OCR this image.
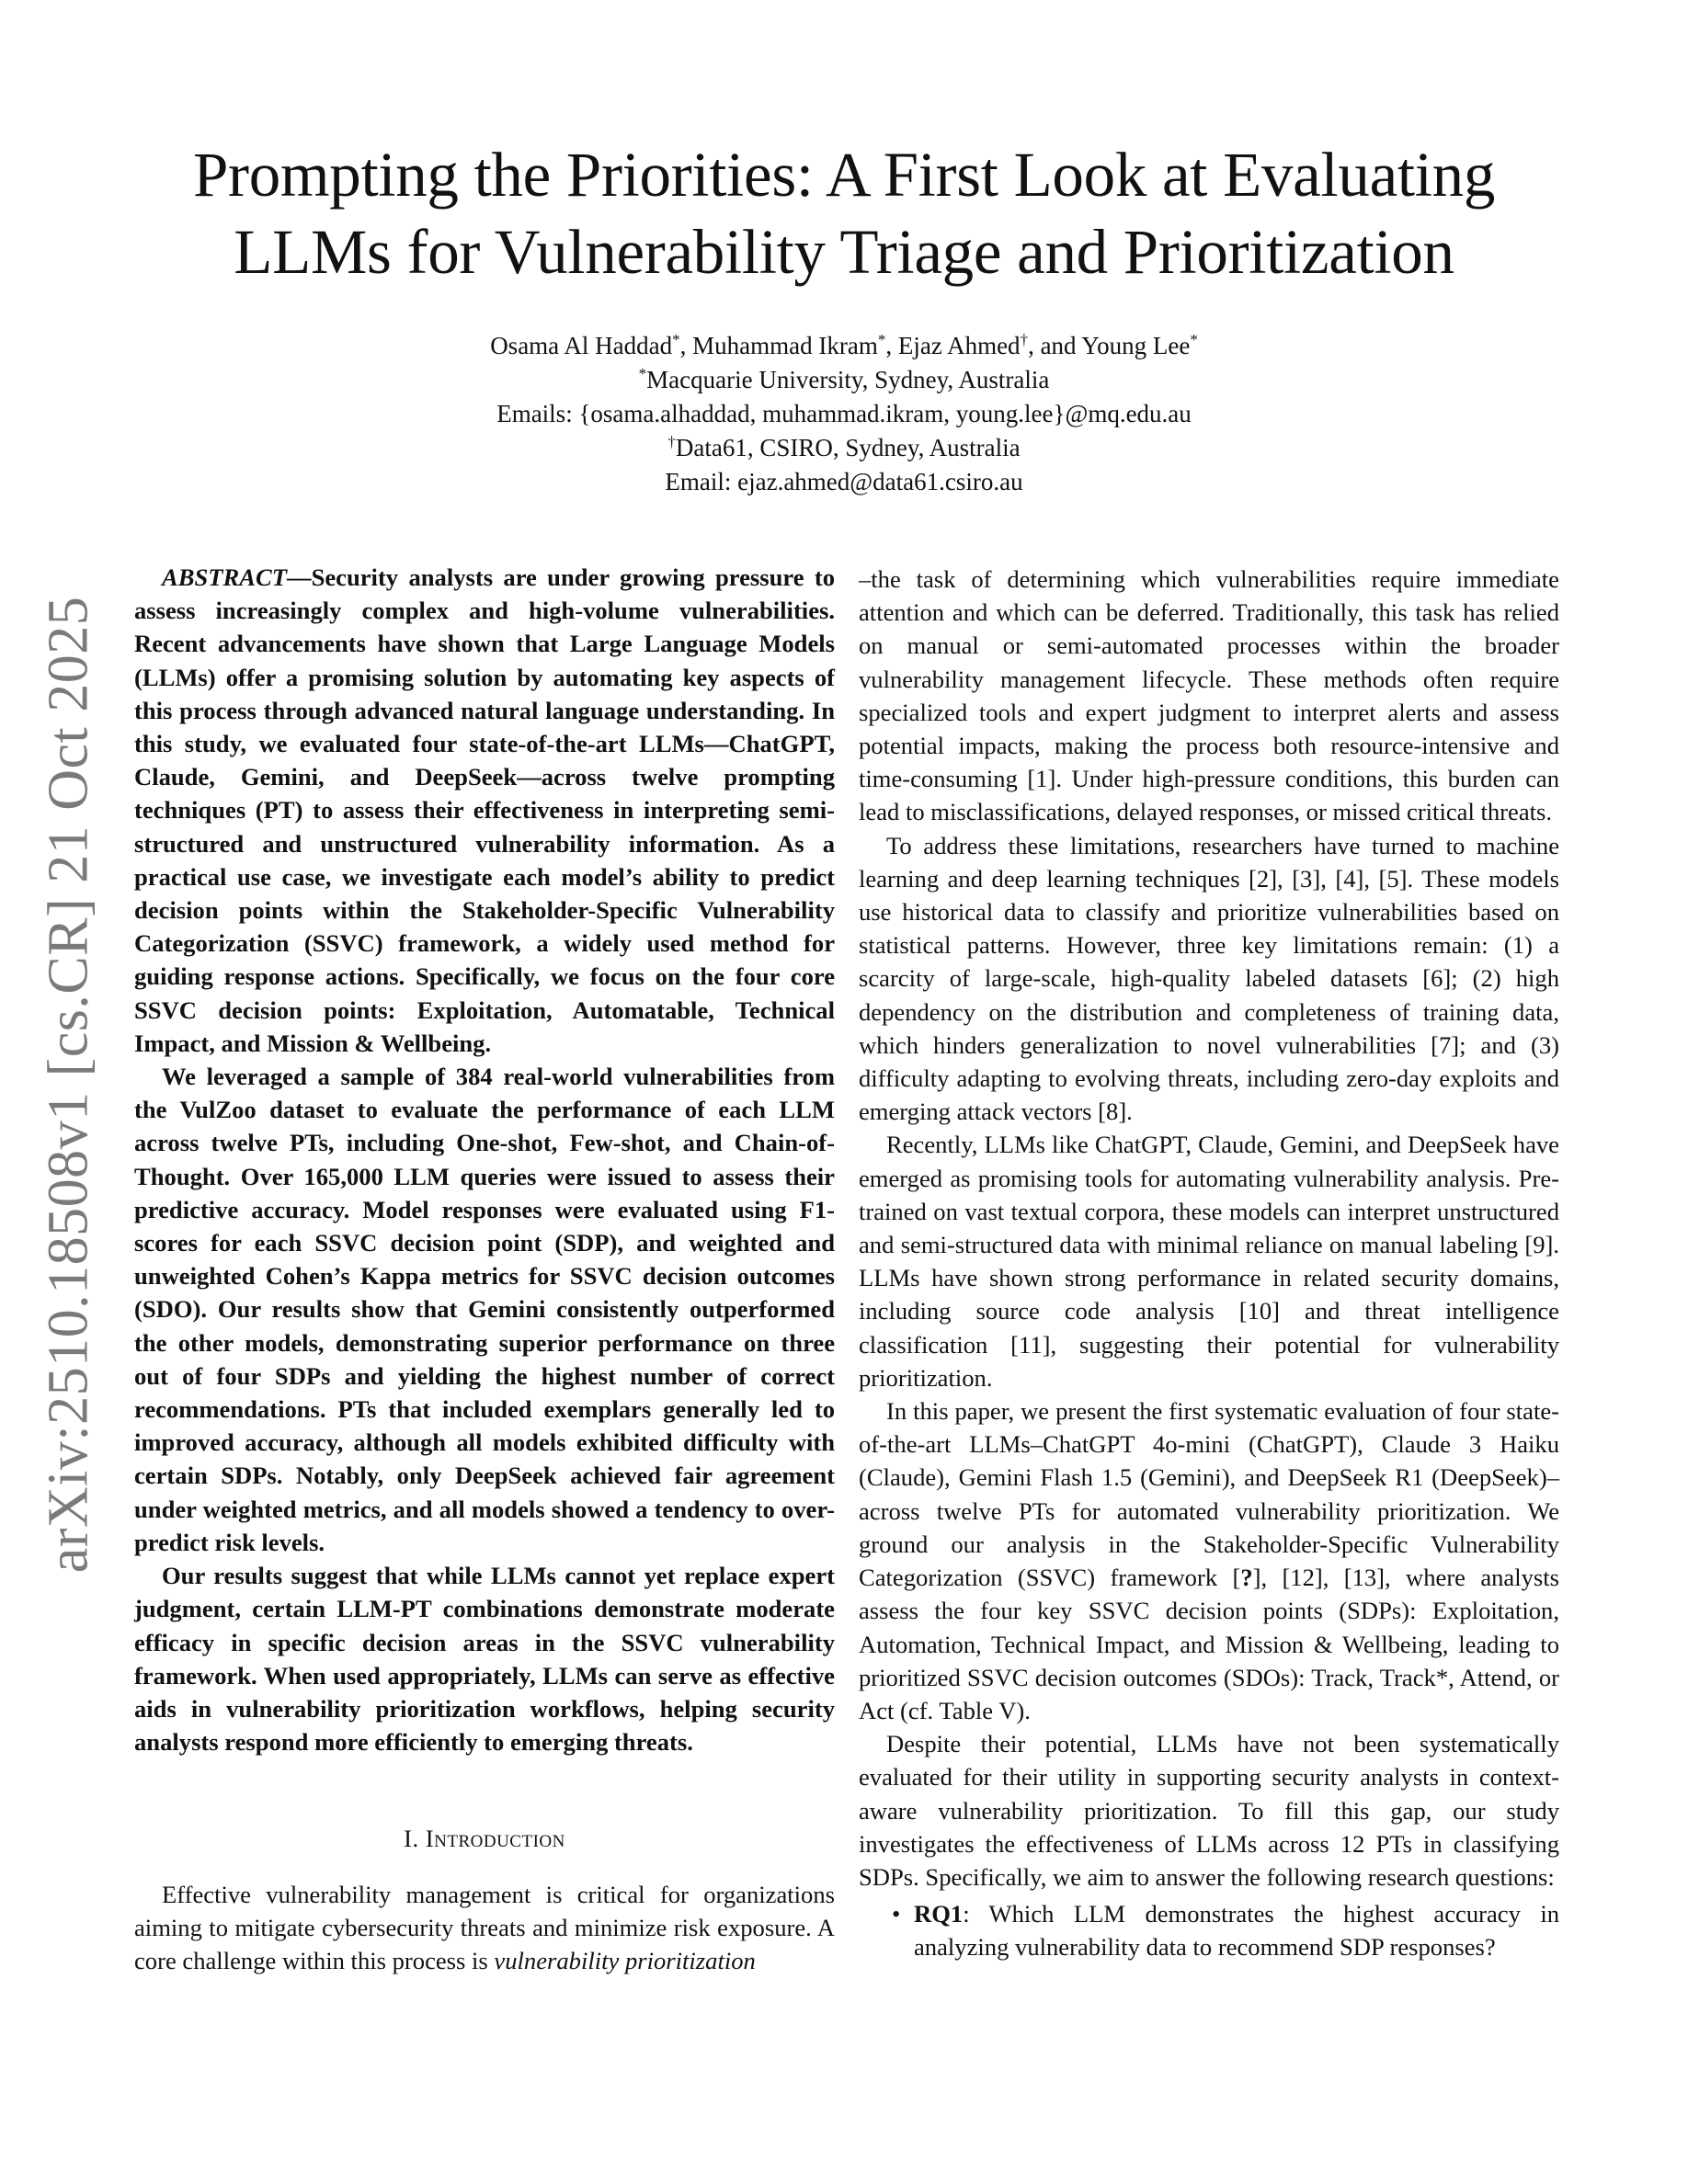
arXiv:2510.18508v1 [cs.CR] 21 Oct 2025
Prompting the Priorities: A First Look at Evaluating
LLMs for Vulnerability Triage and Prioritization
Osama Al Haddad*, Muhammad Ikram*, Ejaz Ahmed†, and Young Lee*
*Macquarie University, Sydney, Australia
Emails: {osama.alhaddad, muhammad.ikram, young.lee}@mq.edu.au
†Data61, CSIRO, Sydney, Australia
Email: ejaz.ahmed@data61.csiro.au

ABSTRACT—Security analysts are under growing pressure to assess increasingly complex and high-volume vulnerabilities. Recent advancements have shown that Large Language Models (LLMs) offer a promising solution by automating key aspects of this process through advanced natural language understanding. In this study, we evaluated four state-of-the-art LLMs—ChatGPT, Claude, Gemini, and DeepSeek—across twelve prompting techniques (PT) to assess their effectiveness in interpreting semi-structured and unstructured vulnerability information. As a practical use case, we investigate each model’s ability to predict decision points within the Stakeholder-Specific Vulnerability Categorization (SSVC) framework, a widely used method for guiding response actions. Specifically, we focus on the four core SSVC decision points: Exploitation, Automatable, Technical Impact, and Mission & Wellbeing.

We leveraged a sample of 384 real-world vulnerabilities from the VulZoo dataset to evaluate the performance of each LLM across twelve PTs, including One-shot, Few-shot, and Chain-of-Thought. Over 165,000 LLM queries were issued to assess their predictive accuracy. Model responses were evaluated using F1-scores for each SSVC decision point (SDP), and weighted and unweighted Cohen’s Kappa metrics for SSVC decision outcomes (SDO). Our results show that Gemini consistently outperformed the other models, demonstrating superior performance on three out of four SDPs and yielding the highest number of correct recommendations. PTs that included exemplars generally led to improved accuracy, although all models exhibited difficulty with certain SDPs. Notably, only DeepSeek achieved fair agreement under weighted metrics, and all models showed a tendency to over-predict risk levels.

Our results suggest that while LLMs cannot yet replace expert judgment, certain LLM-PT combinations demonstrate moderate efficacy in specific decision areas in the SSVC vulnerability framework. When used appropriately, LLMs can serve as effective aids in vulnerability prioritization workflows, helping security analysts respond more efficiently to emerging threats.

I. Introduction

Effective vulnerability management is critical for organizations aiming to mitigate cybersecurity threats and minimize risk exposure. A core challenge within this process is vulnerability prioritization

–the task of determining which vulnerabilities require immediate attention and which can be deferred. Traditionally, this task has relied on manual or semi-automated processes within the broader vulnerability management lifecycle. These methods often require specialized tools and expert judgment to interpret alerts and assess potential impacts, making the process both resource-intensive and time-consuming [1]. Under high-pressure conditions, this burden can lead to misclassifications, delayed responses, or missed critical threats.

To address these limitations, researchers have turned to machine learning and deep learning techniques [2], [3], [4], [5]. These models use historical data to classify and prioritize vulnerabilities based on statistical patterns. However, three key limitations remain: (1) a scarcity of large-scale, high-quality labeled datasets [6]; (2) high dependency on the distribution and completeness of training data, which hinders generalization to novel vulnerabilities [7]; and (3) difficulty adapting to evolving threats, including zero-day exploits and emerging attack vectors [8].

Recently, LLMs like ChatGPT, Claude, Gemini, and DeepSeek have emerged as promising tools for automating vulnerability analysis. Pre-trained on vast textual corpora, these models can interpret unstructured and semi-structured data with minimal reliance on manual labeling [9]. LLMs have shown strong performance in related security domains, including source code analysis [10] and threat intelligence classification [11], suggesting their potential for vulnerability prioritization.

In this paper, we present the first systematic evaluation of four state-of-the-art LLMs–ChatGPT 4o-mini (ChatGPT), Claude 3 Haiku (Claude), Gemini Flash 1.5 (Gemini), and DeepSeek R1 (DeepSeek)–across twelve PTs for automated vulnerability prioritization. We ground our analysis in the Stakeholder-Specific Vulnerability Categorization (SSVC) framework [?], [12], [13], where analysts assess the four key SSVC decision points (SDPs): Exploitation, Automation, Technical Impact, and Mission & Wellbeing, leading to prioritized SSVC decision outcomes (SDOs): Track, Track*, Attend, or Act (cf. Table V).

Despite their potential, LLMs have not been systematically evaluated for their utility in supporting security analysts in context-aware vulnerability prioritization. To fill this gap, our study investigates the effectiveness of LLMs across 12 PTs in classifying SDPs. Specifically, we aim to answer the following research questions:

• RQ1: Which LLM demonstrates the highest accuracy in analyzing vulnerability data to recommend SDP responses?
